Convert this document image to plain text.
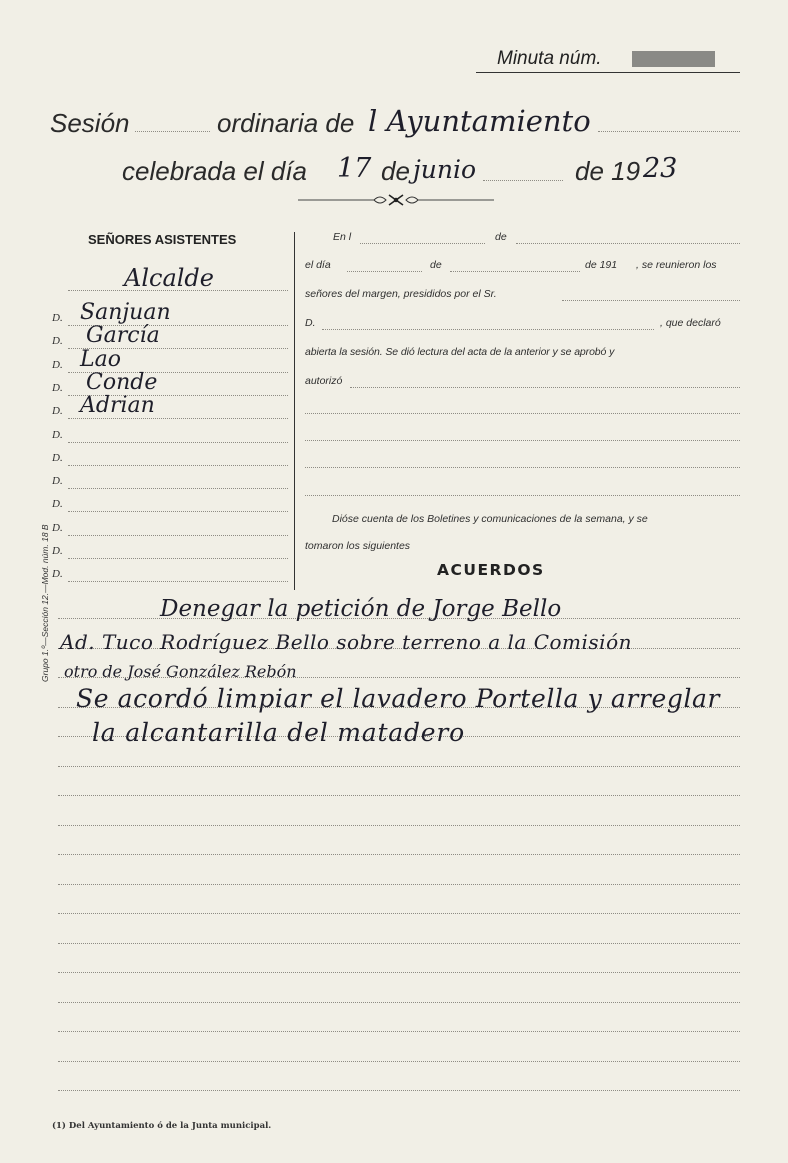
Minuta núm.
Sesión	ordinaria de l Ayuntamiento
celebrada el día 17 de junio	de 19 23
SEÑORES ASISTENTES
Alcalde
D. Sanjuan
D. García
D. Lao
D. Conde
D. Adrian
D.
D.
D.
D.
D.
D.
D.
En l	de
el día	de	de 191 , se reunieron los
señores del margen, presididos por el Sr.
D.	, que declaró
abierta la sesión. Se dió lectura del acta de la anterior y se aprobó y
autorizó
Dióse cuenta de los Boletines y comunicaciones de la semana, y se
tomaron los siguientes
ACUERDOS
Grupo 1.º—Sección 12.—Mod. núm. 18 B	Denegar la petición de Jorge Bello
Ad. Tuco Rodríguez Bello sobre terreno a la Comisión
otro de José González Rebón
Se acordó limpiar el lavadero Portella y arreglar
la alcantarilla del matadero
(1) Del Ayuntamiento ó de la Junta municipal.
